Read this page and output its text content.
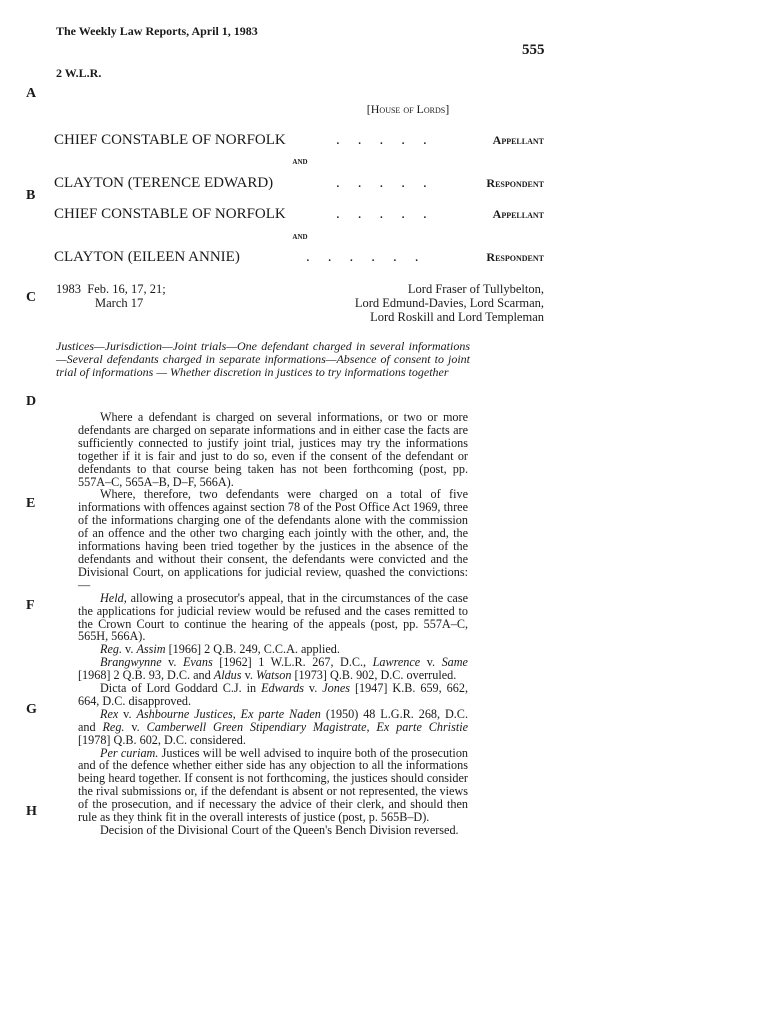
The Weekly Law Reports, April 1, 1983
555
2 W.L.R.
A
B
C
D
E
F
G
H
[House of Lords]
CHIEF CONSTABLE OF NORFOLK	.....	Appellant
and
CLAYTON (TERENCE EDWARD)	.....	Respondent
CHIEF CONSTABLE OF NORFOLK	.....	Appellant
and
CLAYTON (EILEEN ANNIE)	......	Respondent
1983  Feb. 16, 17, 21;
March 17
Lord Fraser of Tullybelton,
Lord Edmund-Davies, Lord Scarman,
Lord Roskill and Lord Templeman
Justices—Jurisdiction—Joint trials—One defendant charged in several informations—Several defendants charged in separate informations—Absence of consent to joint trial of informations — Whether discretion in justices to try informations together

Where a defendant is charged on several informations, or two or more defendants are charged on separate informations and in either case the facts are sufficiently connected to justify joint trial, justices may try the informations together if it is fair and just to do so, even if the consent of the defendant or defendants to that course being taken has not been forthcoming (post, pp. 557A–C, 565A–B, D–F, 566A).

Where, therefore, two defendants were charged on a total of five informations with offences against section 78 of the Post Office Act 1969, three of the informations charging one of the defendants alone with the commission of an offence and the other two charging each jointly with the other, and, the informations having been tried together by the justices in the absence of the defendants and without their consent, the defendants were convicted and the Divisional Court, on applications for judicial review, quashed the convictions:—

Held, allowing a prosecutor's appeal, that in the circumstances of the case the applications for judicial review would be refused and the cases remitted to the Crown Court to continue the hearing of the appeals (post, pp. 557A–C, 565H, 566A).

Reg. v. Assim [1966] 2 Q.B. 249, C.C.A. applied.

Brangwynne v. Evans [1962] 1 W.L.R. 267, D.C., Lawrence v. Same [1968] 2 Q.B. 93, D.C. and Aldus v. Watson [1973] Q.B. 902, D.C. overruled.

Dicta of Lord Goddard C.J. in Edwards v. Jones [1947] K.B. 659, 662, 664, D.C. disapproved.

Rex v. Ashbourne Justices, Ex parte Naden (1950) 48 L.G.R. 268, D.C. and Reg. v. Camberwell Green Stipendiary Magistrate, Ex parte Christie [1978] Q.B. 602, D.C. considered.

Per curiam. Justices will be well advised to inquire both of the prosecution and of the defence whether either side has any objection to all the informations being heard together. If consent is not forthcoming, the justices should consider the rival submissions or, if the defendant is absent or not represented, the views of the prosecution, and if necessary the advice of their clerk, and should then rule as they think fit in the overall interests of justice (post, p. 565B–D).

Decision of the Divisional Court of the Queen's Bench Division reversed.
